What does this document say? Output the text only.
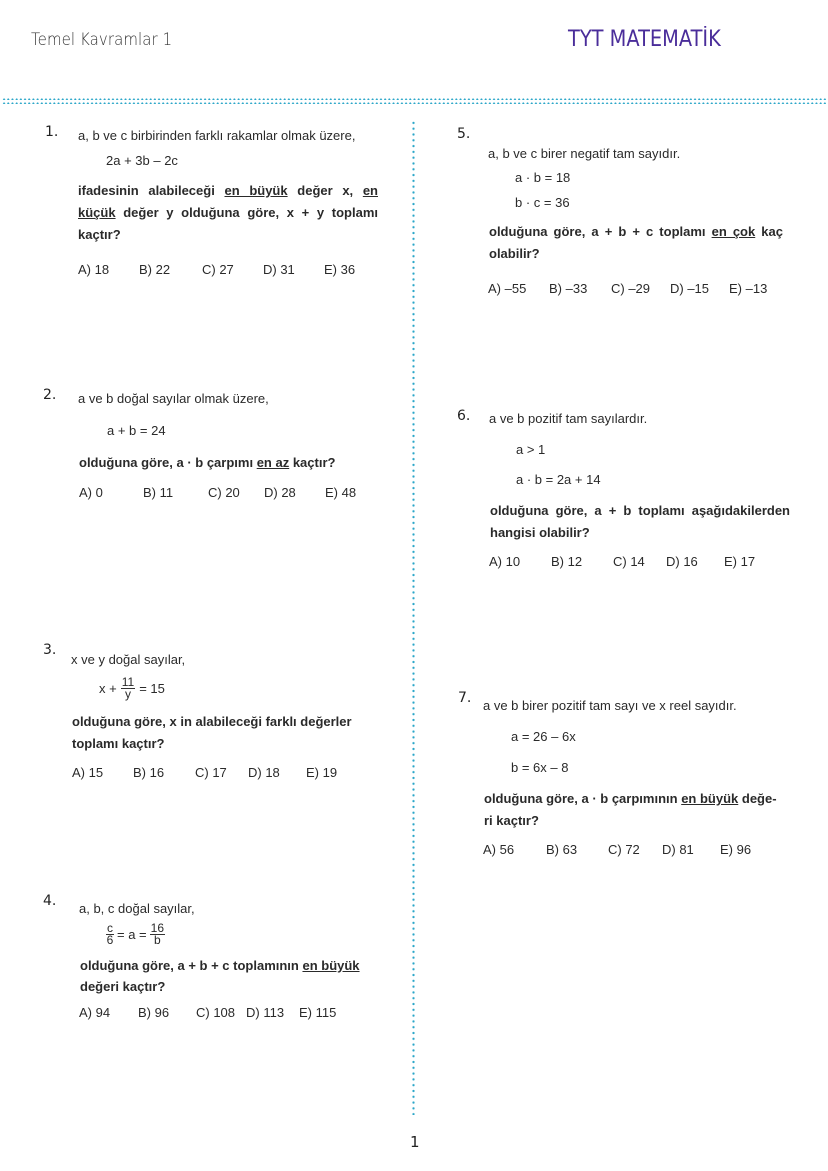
Temel Kavramlar 1	TYT MATEMATİK
1. a, b ve c birbirinden farklı rakamlar olmak üzere,
2a + 3b – 2c
ifadesinin alabileceği en büyük değer x, en
küçük değer y olduğuna göre, x + y toplamı
kaçtır?
A) 18	B) 22	C) 27	D) 31	E) 36
2. a ve b doğal sayılar olmak üzere,
a + b = 24
olduğuna göre, a · b çarpımı en az kaçtır?
A) 0	B) 11	C) 20	D) 28	E) 48
3.
x ve y doğal sayılar,
$x + \frac{11}{y} = 15$
olduğuna göre, x in alabileceği farklı değerler
toplamı kaçtır?
A) 15	B) 16	C) 17	D) 18	E) 19
4. a, b, c doğal sayılar,
$\frac{c}{6} = a = \frac{16}{b}$
olduğuna göre, a + b + c toplamının en büyük
değeri kaçtır?
A) 94	B) 96	C) 108 D) 113	E) 115
5.
a, b ve c birer negatif tam sayıdır.
a · b = 18
b · c = 36
olduğuna göre, a + b + c toplamı en çok kaç
olabilir?
A) –55	B) –33	C) –29	D) –15	E) –13
6. a ve b pozitif tam sayılardır.
a > 1
a · b = 2a + 14
olduğuna göre, a + b toplamı aşağıdakilerden
hangisi olabilir?
A) 10	B) 12	C) 14	D) 16	E) 17
7. a ve b birer pozitif tam sayı ve x reel sayıdır.
a = 26 – 6x
b = 6x – 8
olduğuna göre, a · b çarpımının en büyük değe-
ri kaçtır?
A) 56	B) 63	C) 72	D) 81	E) 96
1
